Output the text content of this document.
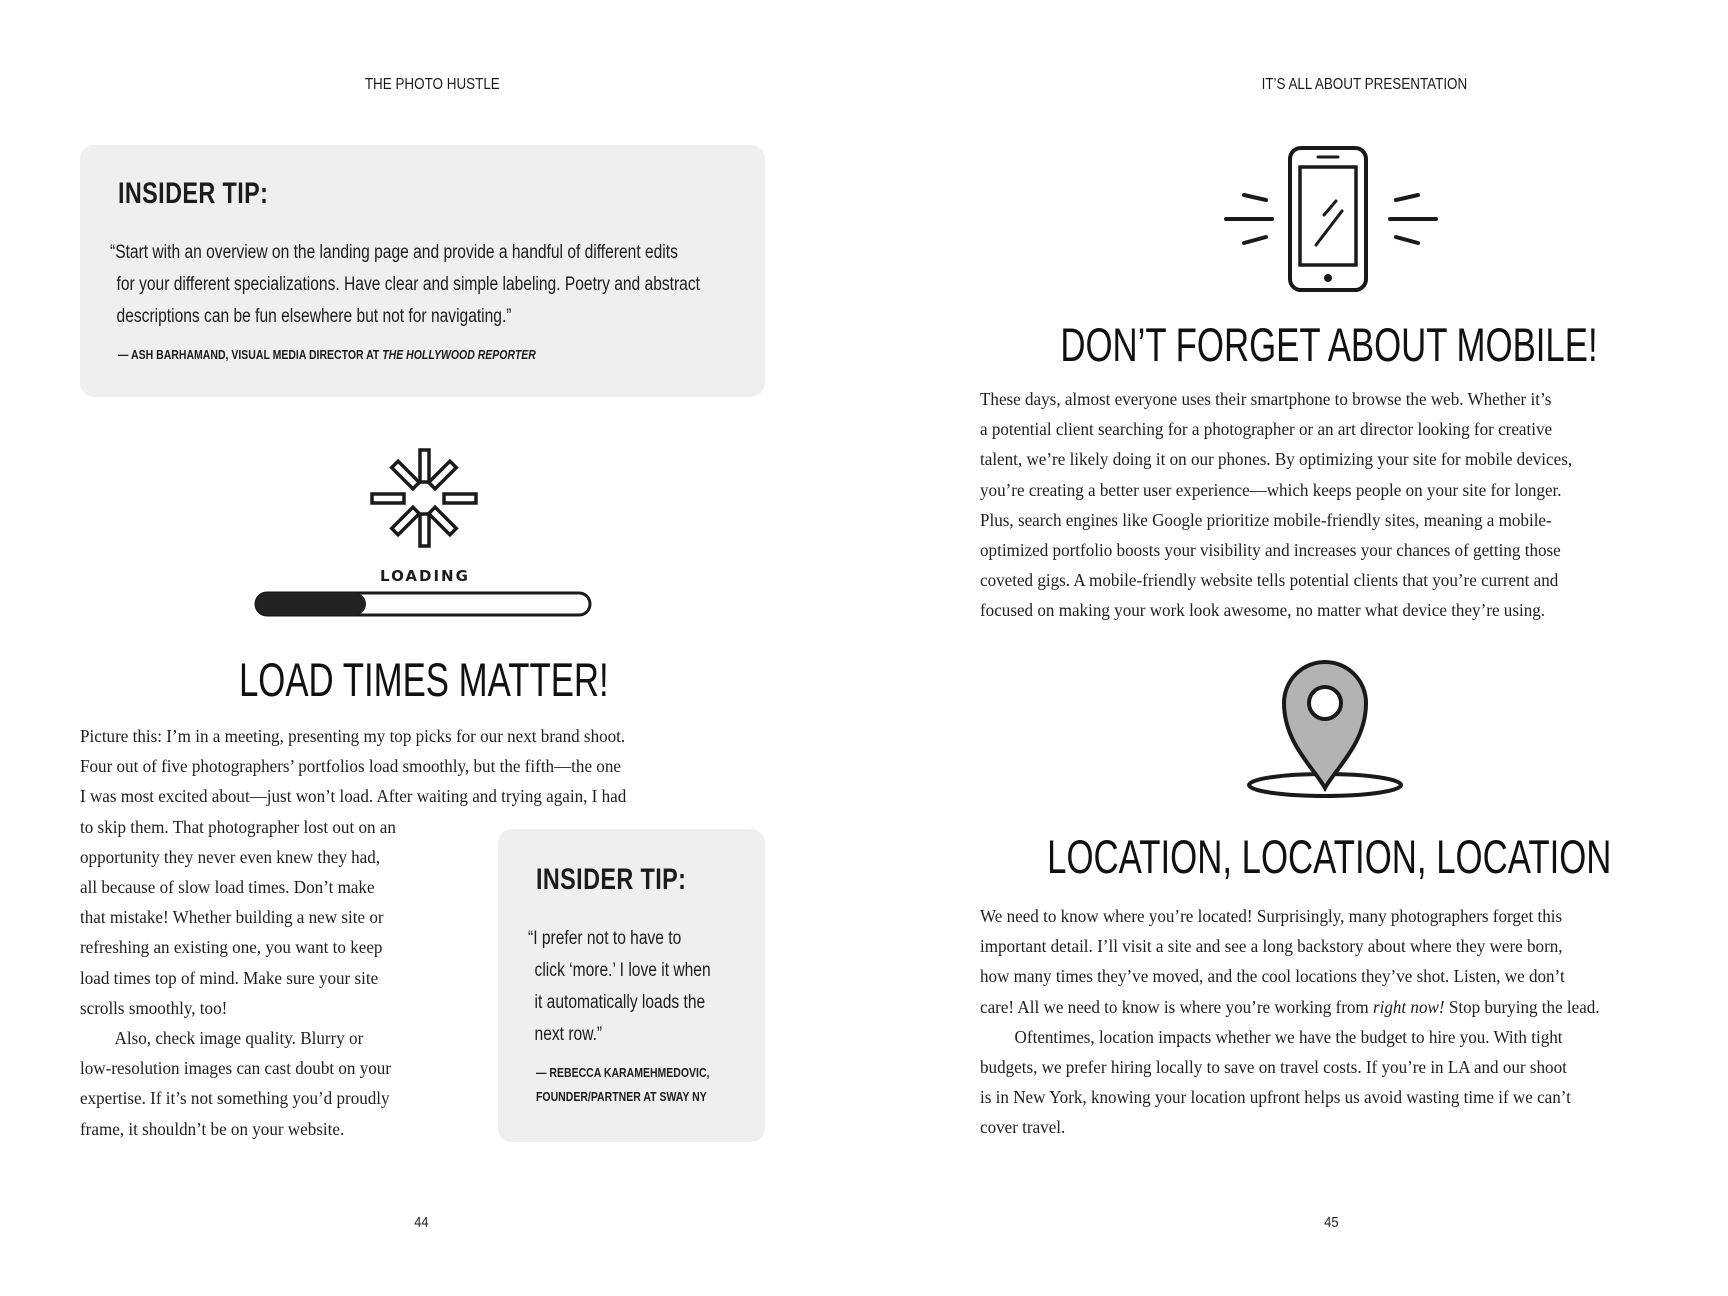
THE PHOTO HUSTLE
INSIDER TIP:

“Start with an overview on the landing page and provide a handful of different edits

for your different specializations. Have clear and simple labeling. Poetry and abstract

descriptions can be fun elsewhere but not for navigating.”

— ASH BARHAMAND, VISUAL MEDIA DIRECTOR AT THE HOLLYWOOD REPORTER
LOADING
LOAD TIMES MATTER!
Picture this: I’m in a meeting, presenting my top picks for our next brand shoot.
Four out of five photographers’ portfolios load smoothly, but the fifth—the one
I was most excited about—just won’t load. After waiting and trying again, I had
to skip them. That photographer lost out on an
opportunity they never even knew they had,
all because of slow load times. Don’t make
that mistake! Whether building a new site or
refreshing an existing one, you want to keep
load times top of mind. Make sure your site
scrolls smoothly, too!
Also, check image quality. Blurry or
low-resolution images can cast doubt on your
expertise. If it’s not something you’d proudly
frame, it shouldn’t be on your website.
INSIDER TIP:

“I prefer not to have to

click ‘more.’ I love it when

it automatically loads the

next row.”

— REBECCA KARAMEHMEDOVIC,
FOUNDER/PARTNER AT SWAY NY
44
IT’S ALL ABOUT PRESENTATION
DON’T FORGET ABOUT MOBILE!
These days, almost everyone uses their smartphone to browse the web. Whether it’s
a potential client searching for a photographer or an art director looking for creative
talent, we’re likely doing it on our phones. By optimizing your site for mobile devices,
you’re creating a better user experience—which keeps people on your site for longer.
Plus, search engines like Google prioritize mobile-friendly sites, meaning a mobile-
optimized portfolio boosts your visibility and increases your chances of getting those
coveted gigs. A mobile-friendly website tells potential clients that you’re current and
focused on making your work look awesome, no matter what device they’re using.
LOCATION, LOCATION, LOCATION
We need to know where you’re located! Surprisingly, many photographers forget this
important detail. I’ll visit a site and see a long backstory about where they were born,
how many times they’ve moved, and the cool locations they’ve shot. Listen, we don’t
care! All we need to know is where you’re working from right now! Stop burying the lead.
Oftentimes, location impacts whether we have the budget to hire you. With tight
budgets, we prefer hiring locally to save on travel costs. If you’re in LA and our shoot
is in New York, knowing your location upfront helps us avoid wasting time if we can’t
cover travel.
45
